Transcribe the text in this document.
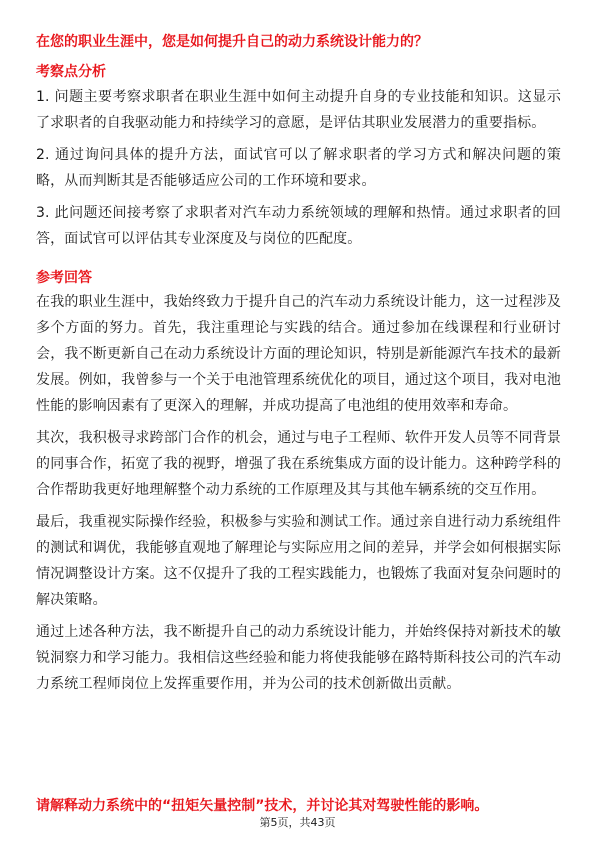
在您的职业生涯中，您是如何提升自己的动力系统设计能力的？
考察点分析

1. 问题主要考察求职者在职业生涯中如何主动提升自身的专业技能和知识。这显示了求职者的自我驱动能力和持续学习的意愿，是评估其职业发展潜力的重要指标。

2. 通过询问具体的提升方法，面试官可以了解求职者的学习方式和解决问题的策略，从而判断其是否能够适应公司的工作环境和要求。

3. 此问题还间接考察了求职者对汽车动力系统领域的理解和热情。通过求职者的回答，面试官可以评估其专业深度及与岗位的匹配度。

参考回答

在我的职业生涯中，我始终致力于提升自己的汽车动力系统设计能力，这一过程涉及多个方面的努力。首先，我注重理论与实践的结合。通过参加在线课程和行业研讨会，我不断更新自己在动力系统设计方面的理论知识，特别是新能源汽车技术的最新发展。例如，我曾参与一个关于电池管理系统优化的项目，通过这个项目，我对电池性能的影响因素有了更深入的理解，并成功提高了电池组的使用效率和寿命。

其次，我积极寻求跨部门合作的机会，通过与电子工程师、软件开发人员等不同背景的同事合作，拓宽了我的视野，增强了我在系统集成方面的设计能力。这种跨学科的合作帮助我更好地理解整个动力系统的工作原理及其与其他车辆系统的交互作用。

最后，我重视实际操作经验，积极参与实验和测试工作。通过亲自进行动力系统组件的测试和调优，我能够直观地了解理论与实际应用之间的差异，并学会如何根据实际情况调整设计方案。这不仅提升了我的工程实践能力，也锻炼了我面对复杂问题时的解决策略。

通过上述各种方法，我不断提升自己的动力系统设计能力，并始终保持对新技术的敏锐洞察力和学习能力。我相信这些经验和能力将使我能够在路特斯科技公司的汽车动力系统工程师岗位上发挥重要作用，并为公司的技术创新做出贡献。

请解释动力系统中的“扭矩矢量控制”技术，并讨论其对驾驶性能的影响。
第5页，共43页
